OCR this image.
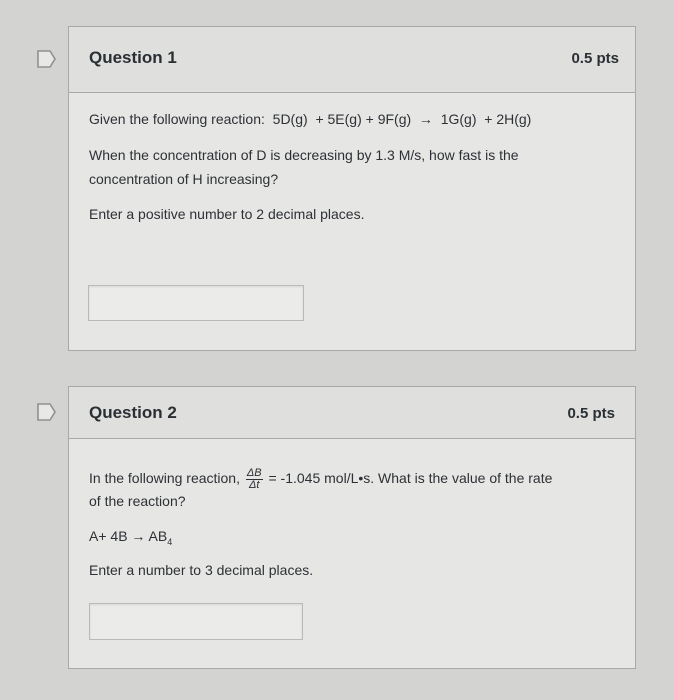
Question 1	0.5 pts
Given the following reaction: 5D(g)  + 5E(g) + 9F(g)  →  1G(g)  + 2H(g)
When the concentration of D is decreasing by 1.3 M/s, how fast is the
concentration of H increasing?
Enter a positive number to 2 decimal places.
Question 2	0.5 pts
In the following reaction, $\frac{\Delta B}{\Delta t} = -1.045$ mol/L•s. What is the value of the rate
of the reaction?
$A+ 4B \to AB_4$
Enter a number to 3 decimal places.
